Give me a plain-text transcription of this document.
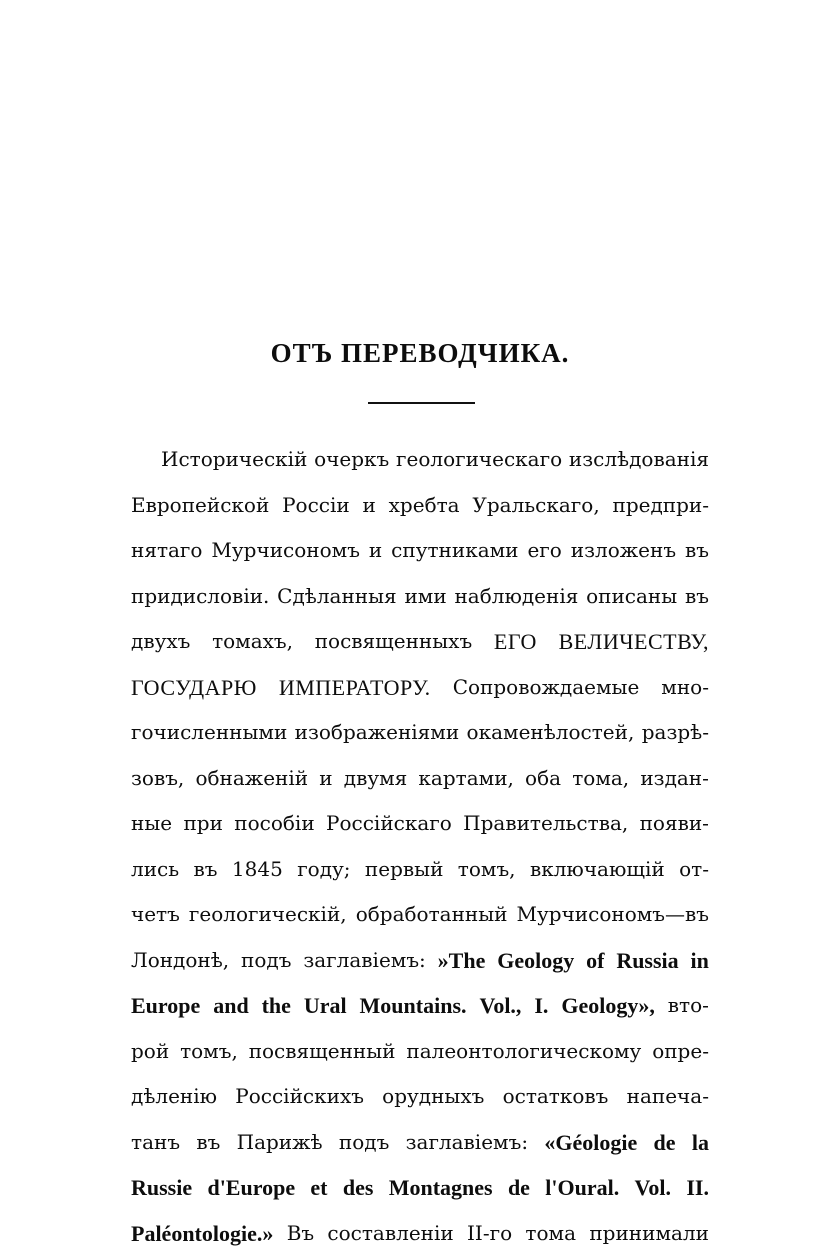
ОТЪ ПЕРЕВОДЧИКА.
Историческій очеркъ геологическаго изслѣдованія
Европейской Россіи и хребта Уральскаго, предпри-
нятаго Мурчисономъ и спутниками его изложенъ въ
придисловіи. Сдѣланныя ими наблюденія описаны въ
двухъ томахъ, посвященныхъ ЕГО ВЕЛИЧЕСТВУ,
ГОСУДАРЮ ИМПЕРАТОРУ. Сопровождаемые мно-
гочисленными изображеніями окаменѣлостей, разрѣ-
зовъ, обнаженій и двумя картами, оба тома, издан-
ные при пособіи Россійскаго Правительства, появи-
лись въ 1845 году; первый томъ, включающій от-
четъ геологическій, обработанный Мурчисономъ—въ
Лондонѣ, подъ заглавіемъ: »The Geology of Russia in
Europe and the Ural Mountains. Vol., I. Geology», вто-
рой томъ, посвященный палеонтологическому опре-
дѣленію Россійскихъ орудныхъ остатковъ напеча-
танъ въ Парижѣ подъ заглавіемъ: «Géologie de la
Russie d'Europe et des Montagnes de l'Oural. Vol. II.
Paléontologie.» Въ составленіи II-го тома принимали
